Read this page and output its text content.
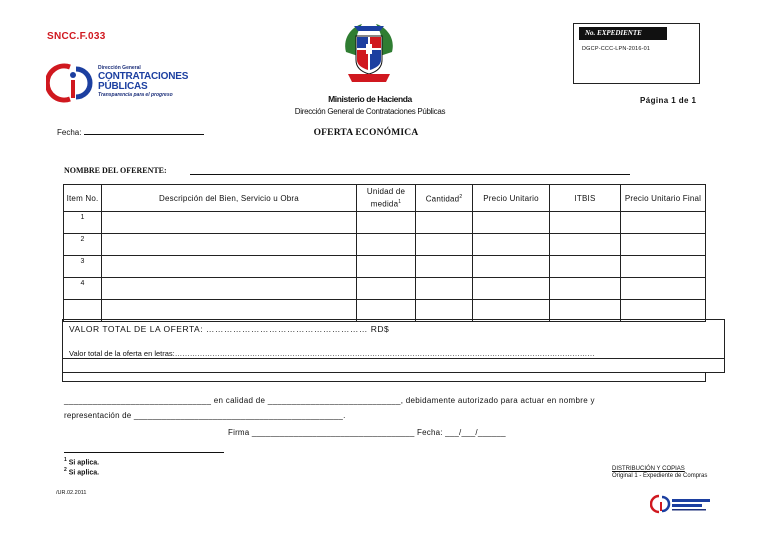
SNCC.F.033
Dirección General
CONTRATACIONES
PÚBLICAS
Transparencia para el progreso	Ministerio de Hacienda
Dirección General de Contrataciones Públicas
No. EXPEDIENTE
DGCP-CCC-LPN-2016-01
Página 1 de 1
Fecha:	OFERTA ECONÓMICA
NOMBRE DEL OFERENTE:
Item No.	Descripción del Bien, Servicio u Obra	Unidad de medida$^1$	Cantidad$^2$	Precio Unitario	ITBIS	Precio Unitario Final
1						
2						
3						
4						

VALOR TOTAL DE LA OFERTA: ……………………………………………… RD$
Valor total de la oferta en letras:……………………………………………………………………………………………………………………………………………………
_______________________________ en calidad de ____________________________, debidamente autorizado para actuar en nombre y
representación de _____________________________________________.
Firma ___________________________________ Fecha: ___/___/______
$^1$ Si aplica.
$^2$ Si aplica.
DISTRIBUCIÓN Y COPIAS
Original 1 - Expediente de Compras
/UR.02.2011
